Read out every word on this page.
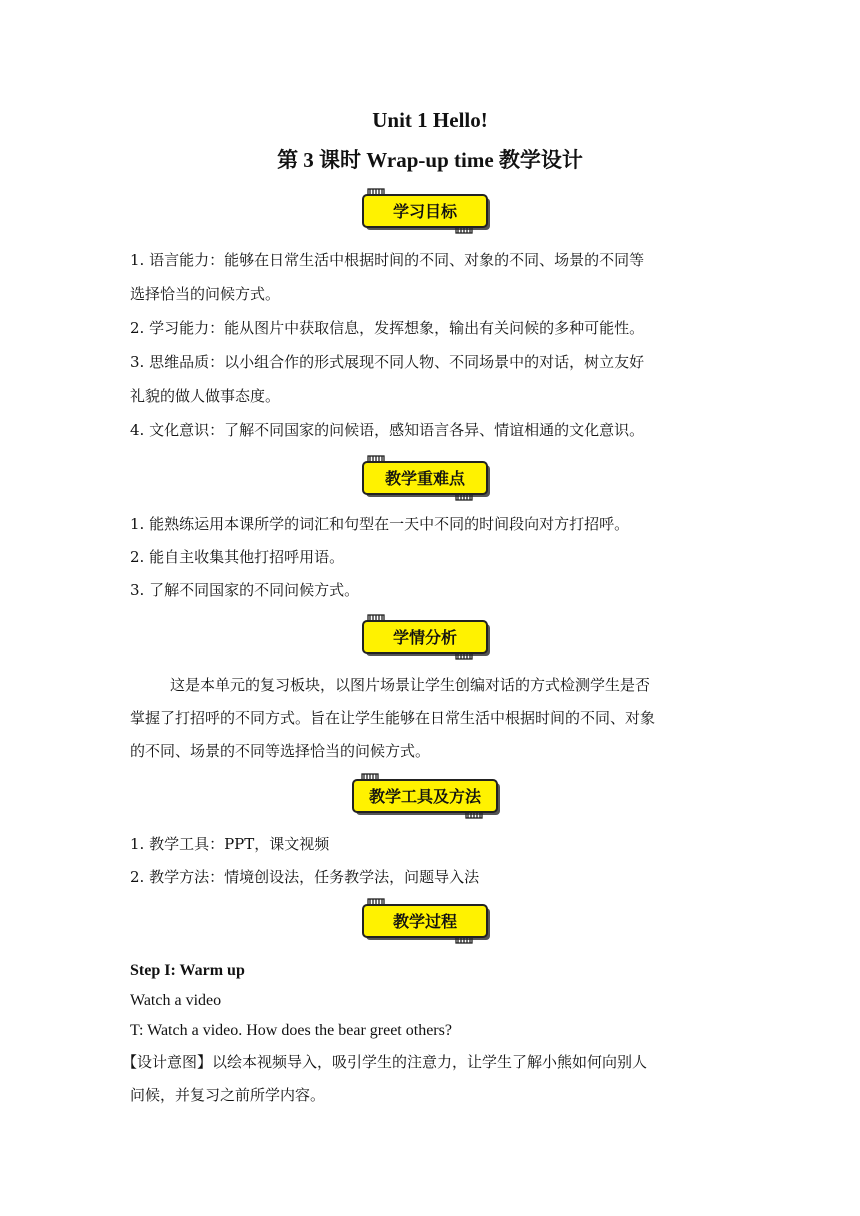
Unit 1 Hello!
第 3 课时 Wrap-up time 教学设计
学习目标
1. 语言能力：能够在日常生活中根据时间的不同、对象的不同、场景的不同等
选择恰当的问候方式。
2. 学习能力：能从图片中获取信息，发挥想象，输出有关问候的多种可能性。
3. 思维品质：以小组合作的形式展现不同人物、不同场景中的对话，树立友好
礼貌的做人做事态度。
4. 文化意识：了解不同国家的问候语，感知语言各异、情谊相通的文化意识。
教学重难点
1. 能熟练运用本课所学的词汇和句型在一天中不同的时间段向对方打招呼。
2. 能自主收集其他打招呼用语。
3. 了解不同国家的不同问候方式。
学情分析
这是本单元的复习板块，以图片场景让学生创编对话的方式检测学生是否
掌握了打招呼的不同方式。旨在让学生能够在日常生活中根据时间的不同、对象
的不同、场景的不同等选择恰当的问候方式。
教学工具及方法
1. 教学工具：PPT，课文视频
2. 教学方法：情境创设法，任务教学法，问题导入法
教学过程
Step I: Warm up
Watch a video
T: Watch a video. How does the bear greet others?
【设计意图】以绘本视频导入，吸引学生的注意力，让学生了解小熊如何向别人
问候，并复习之前所学内容。
